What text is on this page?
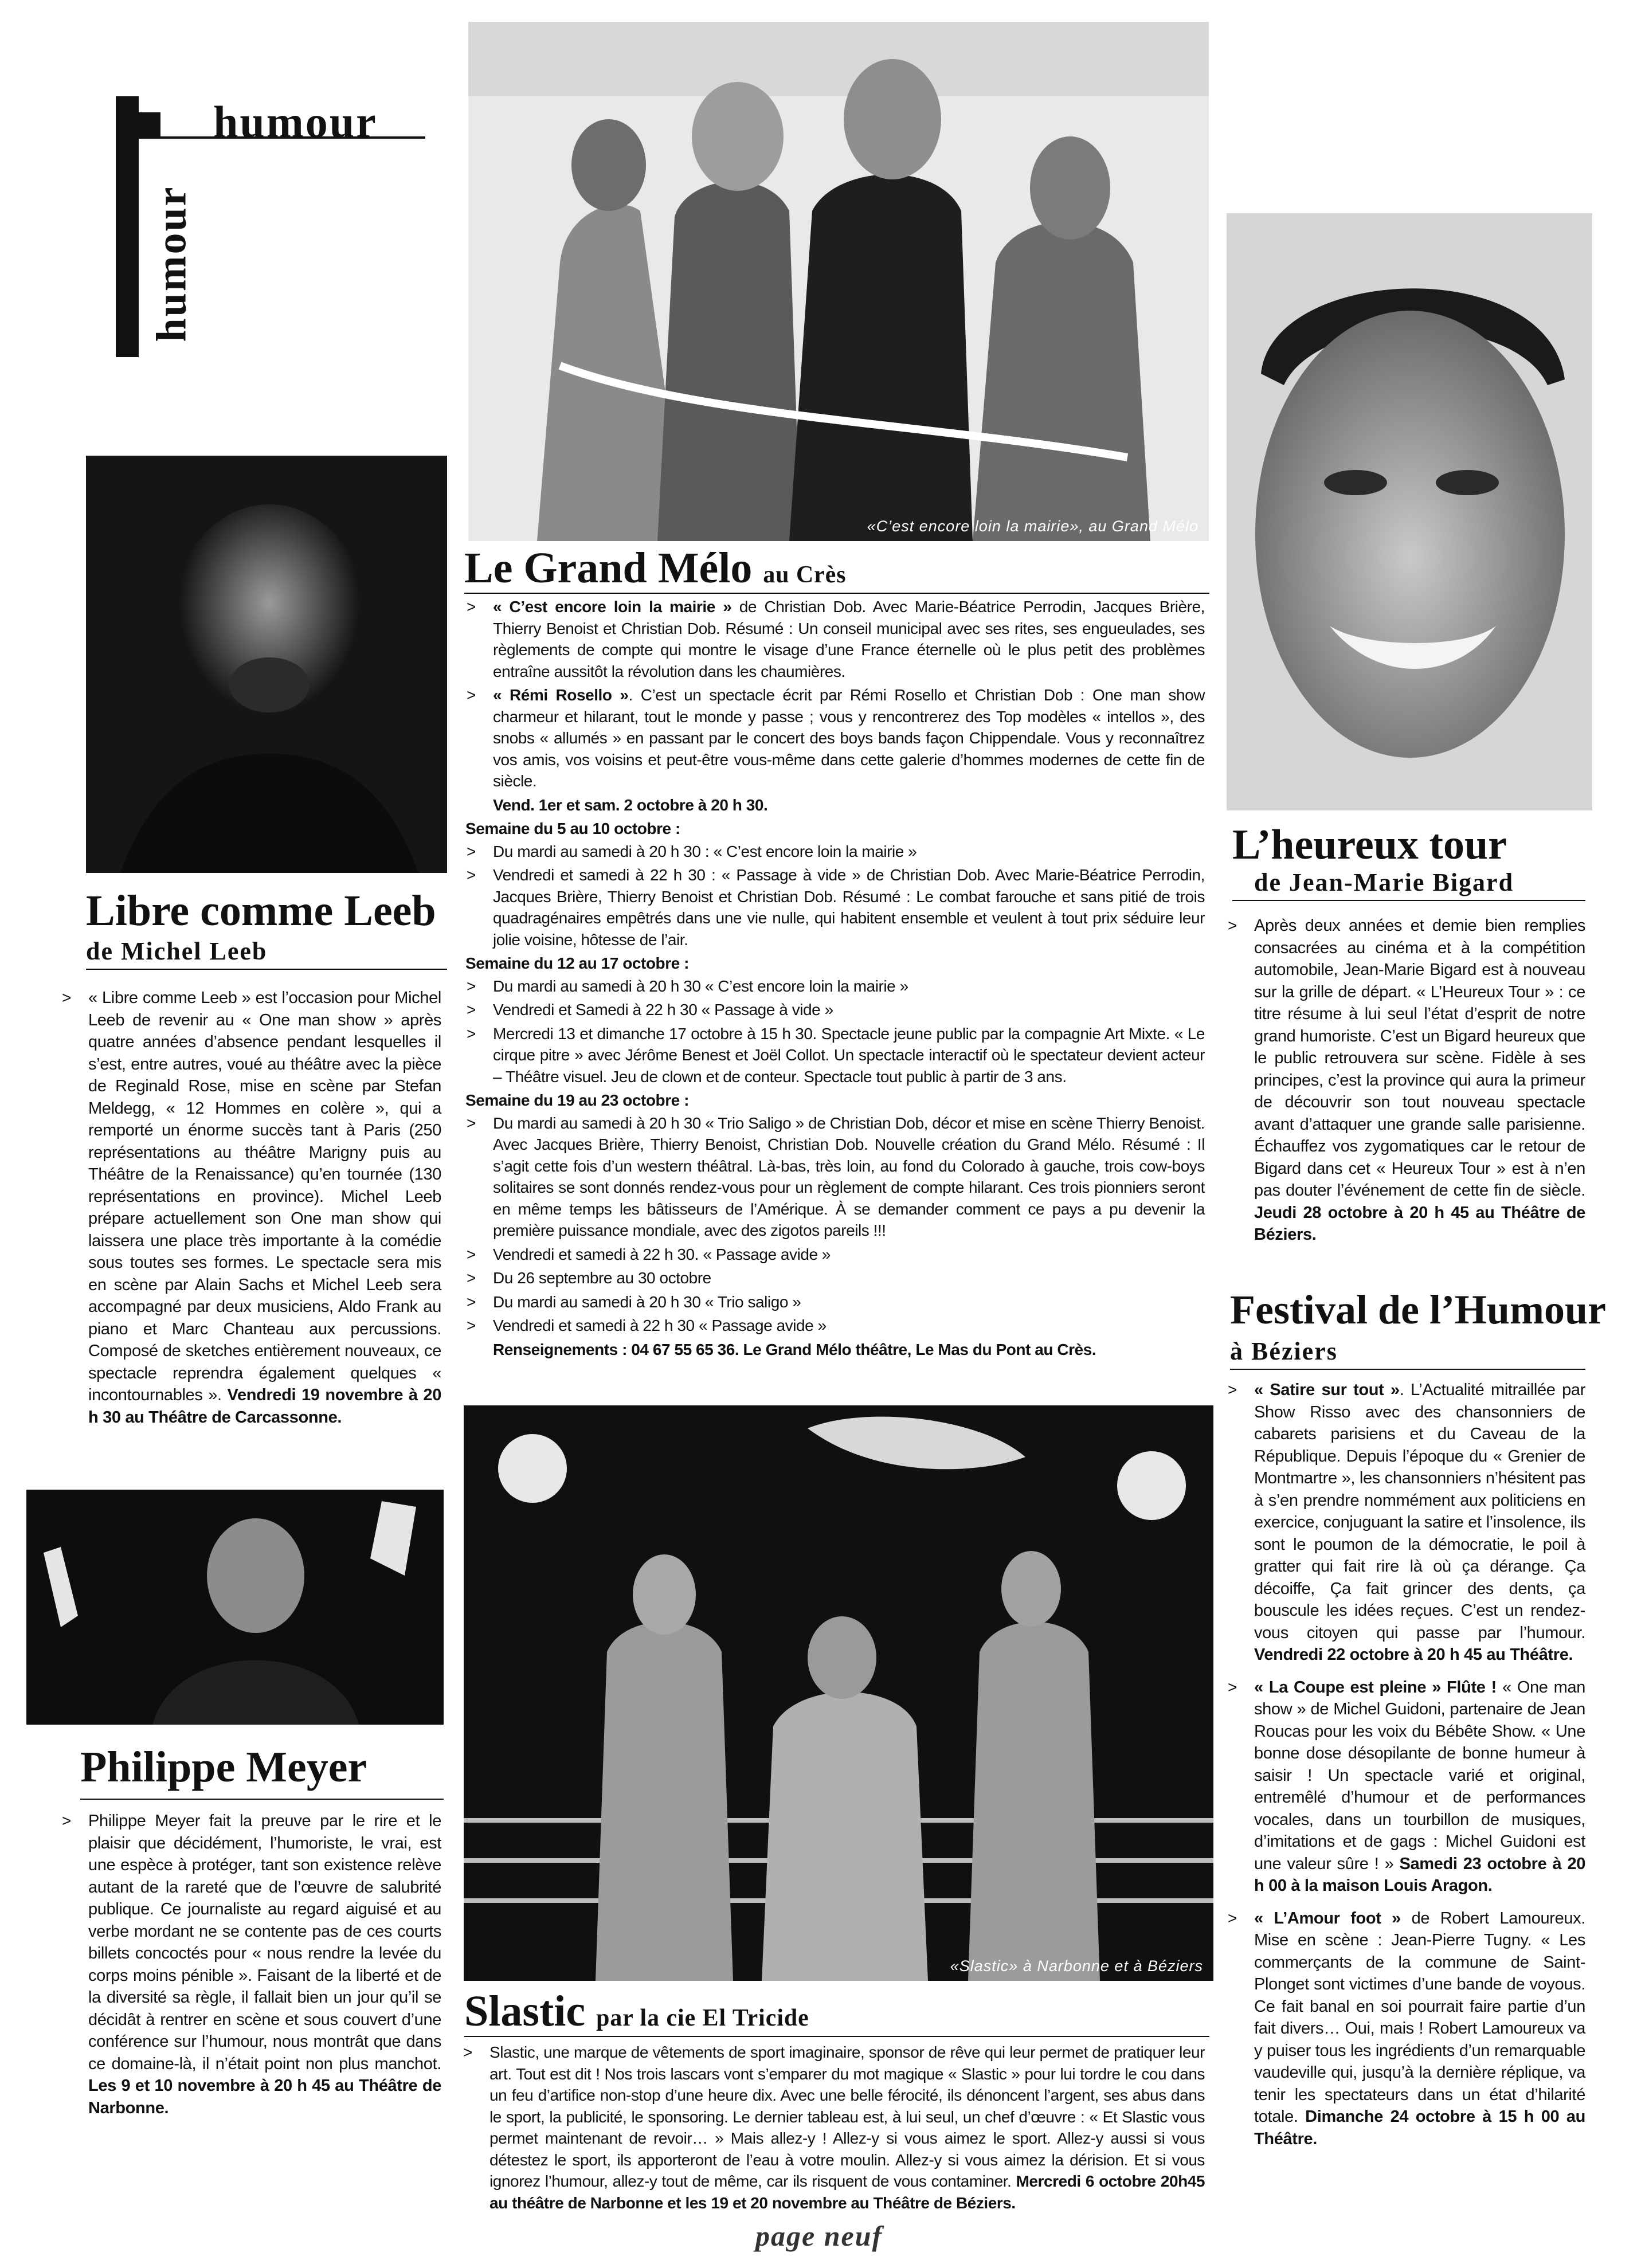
humour
humour
«C’est encore loin la mairie», au Grand Mélo
«Slastic» à Narbonne et à Béziers
Libre comme Leeb
de Michel Leeb

> « Libre comme Leeb » est l’occasion pour Michel Leeb de revenir au « One man show » après quatre années d’absence pendant lesquelles il s’est, entre autres, voué au théâtre avec la pièce de Reginald Rose, mise en scène par Stefan Meldegg, « 12 Hommes en colère », qui a remporté un énorme succès tant à Paris (250 représentations au théâtre Marigny puis au Théâtre de la Renaissance) qu’en tournée (130 représentations en province). Michel Leeb prépare actuellement son One man show qui laissera une place très importante à la comédie sous toutes ses formes. Le spectacle sera mis en scène par Alain Sachs et Michel Leeb sera accompagné par deux musiciens, Aldo Frank au piano et Marc Chanteau aux percussions. Composé de sketches entièrement nouveaux, ce spectacle reprendra également quelques « incontournables ». Vendredi 19 novembre à 20 h 30 au Théâtre de Carcassonne.

Philippe Meyer

> Philippe Meyer fait la preuve par le rire et le plaisir que décidément, l’humoriste, le vrai, est une espèce à protéger, tant son existence relève autant de la rareté que de l’œuvre de salubrité publique. Ce journaliste au regard aiguisé et au verbe mordant ne se contente pas de ces courts billets concoctés pour « nous rendre la levée du corps moins pénible ». Faisant de la liberté et de la diversité sa règle, il fallait bien un jour qu’il se décidât à rentrer en scène et sous couvert d’une conférence sur l’humour, nous montrât que dans ce domaine-là, il n’était point non plus manchot. Les 9 et 10 novembre à 20 h 45 au Théâtre de Narbonne.

Le Grand Mélo au Crès

> « C’est encore loin la mairie » de Christian Dob. Avec Marie-Béatrice Perrodin, Jacques Brière, Thierry Benoist et Christian Dob. Résumé : Un conseil municipal avec ses rites, ses engueulades, ses règlements de compte qui montre le visage d’une France éternelle où le plus petit des problèmes entraîne aussitôt la révolution dans les chaumières.

> « Rémi Rosello ». C’est un spectacle écrit par Rémi Rosello et Christian Dob : One man show charmeur et hilarant, tout le monde y passe ; vous y rencontrerez des Top modèles « intellos », des snobs « allumés » en passant par le concert des boys bands façon Chippendale. Vous y reconnaîtrez vos amis, vos voisins et peut-être vous-même dans cette galerie d’hommes modernes de cette fin de siècle.

Vend. 1er et sam. 2 octobre à 20 h 30.

Semaine du 5 au 10 octobre :

> Du mardi au samedi à 20 h 30 : « C’est encore loin la mairie »

> Vendredi et samedi à 22 h 30 : « Passage à vide » de Christian Dob. Avec Marie-Béatrice Perrodin, Jacques Brière, Thierry Benoist et Christian Dob. Résumé : Le combat farouche et sans pitié de trois quadragénaires empêtrés dans une vie nulle, qui habitent ensemble et veulent à tout prix séduire leur jolie voisine, hôtesse de l’air.

Semaine du 12 au 17 octobre :

> Du mardi au samedi à 20 h 30 « C’est encore loin la mairie »

> Vendredi et Samedi à 22 h 30 « Passage à vide »

> Mercredi 13 et dimanche 17 octobre à 15 h 30. Spectacle jeune public par la compagnie Art Mixte. « Le cirque pitre » avec Jérôme Benest et Joël Collot. Un spectacle interactif où le spectateur devient acteur – Théâtre visuel. Jeu de clown et de conteur. Spectacle tout public à partir de 3 ans.

Semaine du 19 au 23 octobre :

> Du mardi au samedi à 20 h 30 « Trio Saligo » de Christian Dob, décor et mise en scène Thierry Benoist. Avec Jacques Brière, Thierry Benoist, Christian Dob. Nouvelle création du Grand Mélo. Résumé : Il s’agit cette fois d’un western théâtral. Là-bas, très loin, au fond du Colorado à gauche, trois cow-boys solitaires se sont donnés rendez-vous pour un règlement de compte hilarant. Ces trois pionniers seront en même temps les bâtisseurs de l’Amérique. À se demander comment ce pays a pu devenir la première puissance mondiale, avec des zigotos pareils !!!

> Vendredi et samedi à 22 h 30. « Passage avide »

> Du 26 septembre au 30 octobre

> Du mardi au samedi à 20 h 30 « Trio saligo »

> Vendredi et samedi à 22 h 30 « Passage avide »

Renseignements : 04 67 55 65 36. Le Grand Mélo théâtre, Le Mas du Pont au Crès.

Slastic par la cie El Tricide

> Slastic, une marque de vêtements de sport imaginaire, sponsor de rêve qui leur permet de pratiquer leur art. Tout est dit ! Nos trois lascars vont s’emparer du mot magique « Slastic » pour lui tordre le cou dans un feu d’artifice non-stop d’une heure dix. Avec une belle férocité, ils dénoncent l’argent, ses abus dans le sport, la publicité, le sponsoring. Le dernier tableau est, à lui seul, un chef d’œuvre : « Et Slastic vous permet maintenant de revoir… » Mais allez-y ! Allez-y si vous aimez le sport. Allez-y aussi si vous détestez le sport, ils apporteront de l’eau à votre moulin. Allez-y si vous aimez la dérision. Et si vous ignorez l’humour, allez-y tout de même, car ils risquent de vous contaminer. Mercredi 6 octobre 20h45 au théâtre de Narbonne et les 19 et 20 novembre au Théâtre de Béziers.

L’heureux tour
de Jean-Marie Bigard

> Après deux années et demie bien remplies consacrées au cinéma et à la compétition automobile, Jean-Marie Bigard est à nouveau sur la grille de départ. « L’Heureux Tour » : ce titre résume à lui seul l’état d’esprit de notre grand humoriste. C’est un Bigard heureux que le public retrouvera sur scène. Fidèle à ses principes, c’est la province qui aura la primeur de découvrir son tout nouveau spectacle avant d’attaquer une grande salle parisienne. Échauffez vos zygomatiques car le retour de Bigard dans cet « Heureux Tour » est à n’en pas douter l’événement de cette fin de siècle. Jeudi 28 octobre à 20 h 45 au Théâtre de Béziers.

Festival de l’Humour
à Béziers

> « Satire sur tout ». L’Actualité mitraillée par Show Risso avec des chansonniers de cabarets parisiens et du Caveau de la République. Depuis l’époque du « Grenier de Montmartre », les chansonniers n’hésitent pas à s’en prendre nommément aux politiciens en exercice, conjuguant la satire et l’insolence, ils sont le poumon de la démocratie, le poil à gratter qui fait rire là où ça dérange. Ça décoiffe, Ça fait grincer des dents, ça bouscule les idées reçues. C’est un rendez-vous citoyen qui passe par l’humour. Vendredi 22 octobre à 20 h 45 au Théâtre.

> « La Coupe est pleine » Flûte ! « One man show » de Michel Guidoni, partenaire de Jean Roucas pour les voix du Bébête Show. « Une bonne dose désopilante de bonne humeur à saisir ! Un spectacle varié et original, entremêlé d’humour et de performances vocales, dans un tourbillon de musiques, d’imitations et de gags : Michel Guidoni est une valeur sûre ! » Samedi 23 octobre à 20 h 00 à la maison Louis Aragon.

> « L’Amour foot » de Robert Lamoureux. Mise en scène : Jean-Pierre Tugny. « Les commerçants de la commune de Saint-Plonget sont victimes d’une bande de voyous. Ce fait banal en soi pourrait faire partie d’un fait divers… Oui, mais ! Robert Lamoureux va y puiser tous les ingrédients d’un remarquable vaudeville qui, jusqu’à la dernière réplique, va tenir les spectateurs dans un état d’hilarité totale. Dimanche 24 octobre à 15 h 00 au Théâtre.

page neuf
